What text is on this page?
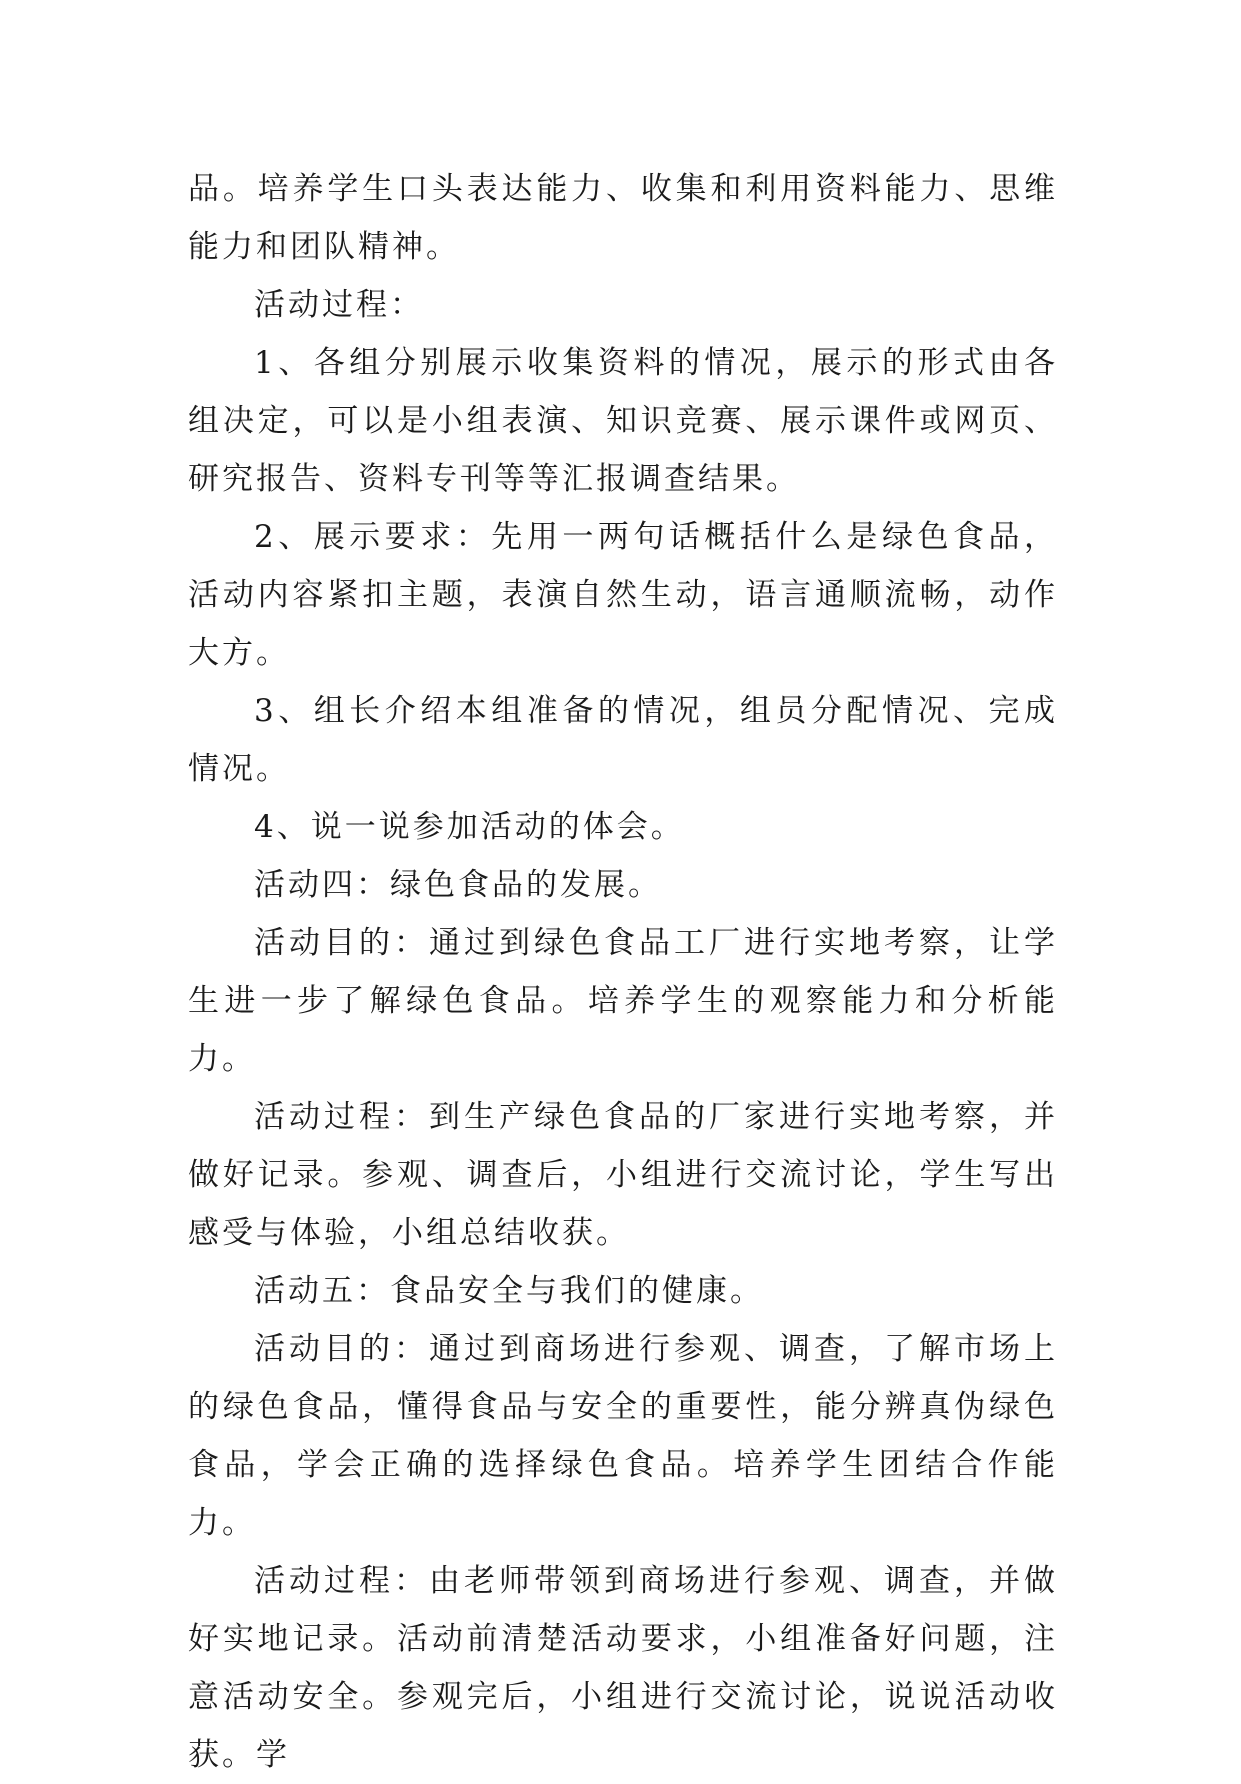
品。培养学生口头表达能力、收集和利用资料能力、思维能力和团队精神。

活动过程：

1、各组分别展示收集资料的情况，展示的形式由各组决定，可以是小组表演、知识竞赛、展示课件或网页、研究报告、资料专刊等等汇报调查结果。

2、展示要求：先用一两句话概括什么是绿色食品，活动内容紧扣主题，表演自然生动，语言通顺流畅，动作大方。

3、组长介绍本组准备的情况，组员分配情况、完成情况。

4、说一说参加活动的体会。

活动四：绿色食品的发展。

活动目的：通过到绿色食品工厂进行实地考察，让学生进一步了解绿色食品。培养学生的观察能力和分析能力。

活动过程：到生产绿色食品的厂家进行实地考察，并做好记录。参观、调查后，小组进行交流讨论，学生写出感受与体验，小组总结收获。

活动五：食品安全与我们的健康。

活动目的：通过到商场进行参观、调查，了解市场上的绿色食品，懂得食品与安全的重要性，能分辨真伪绿色食品，学会正确的选择绿色食品。培养学生团结合作能力。

活动过程：由老师带领到商场进行参观、调查，并做好实地记录。活动前清楚活动要求，小组准备好问题，注意活动安全。参观完后，小组进行交流讨论，说说活动收获。学
